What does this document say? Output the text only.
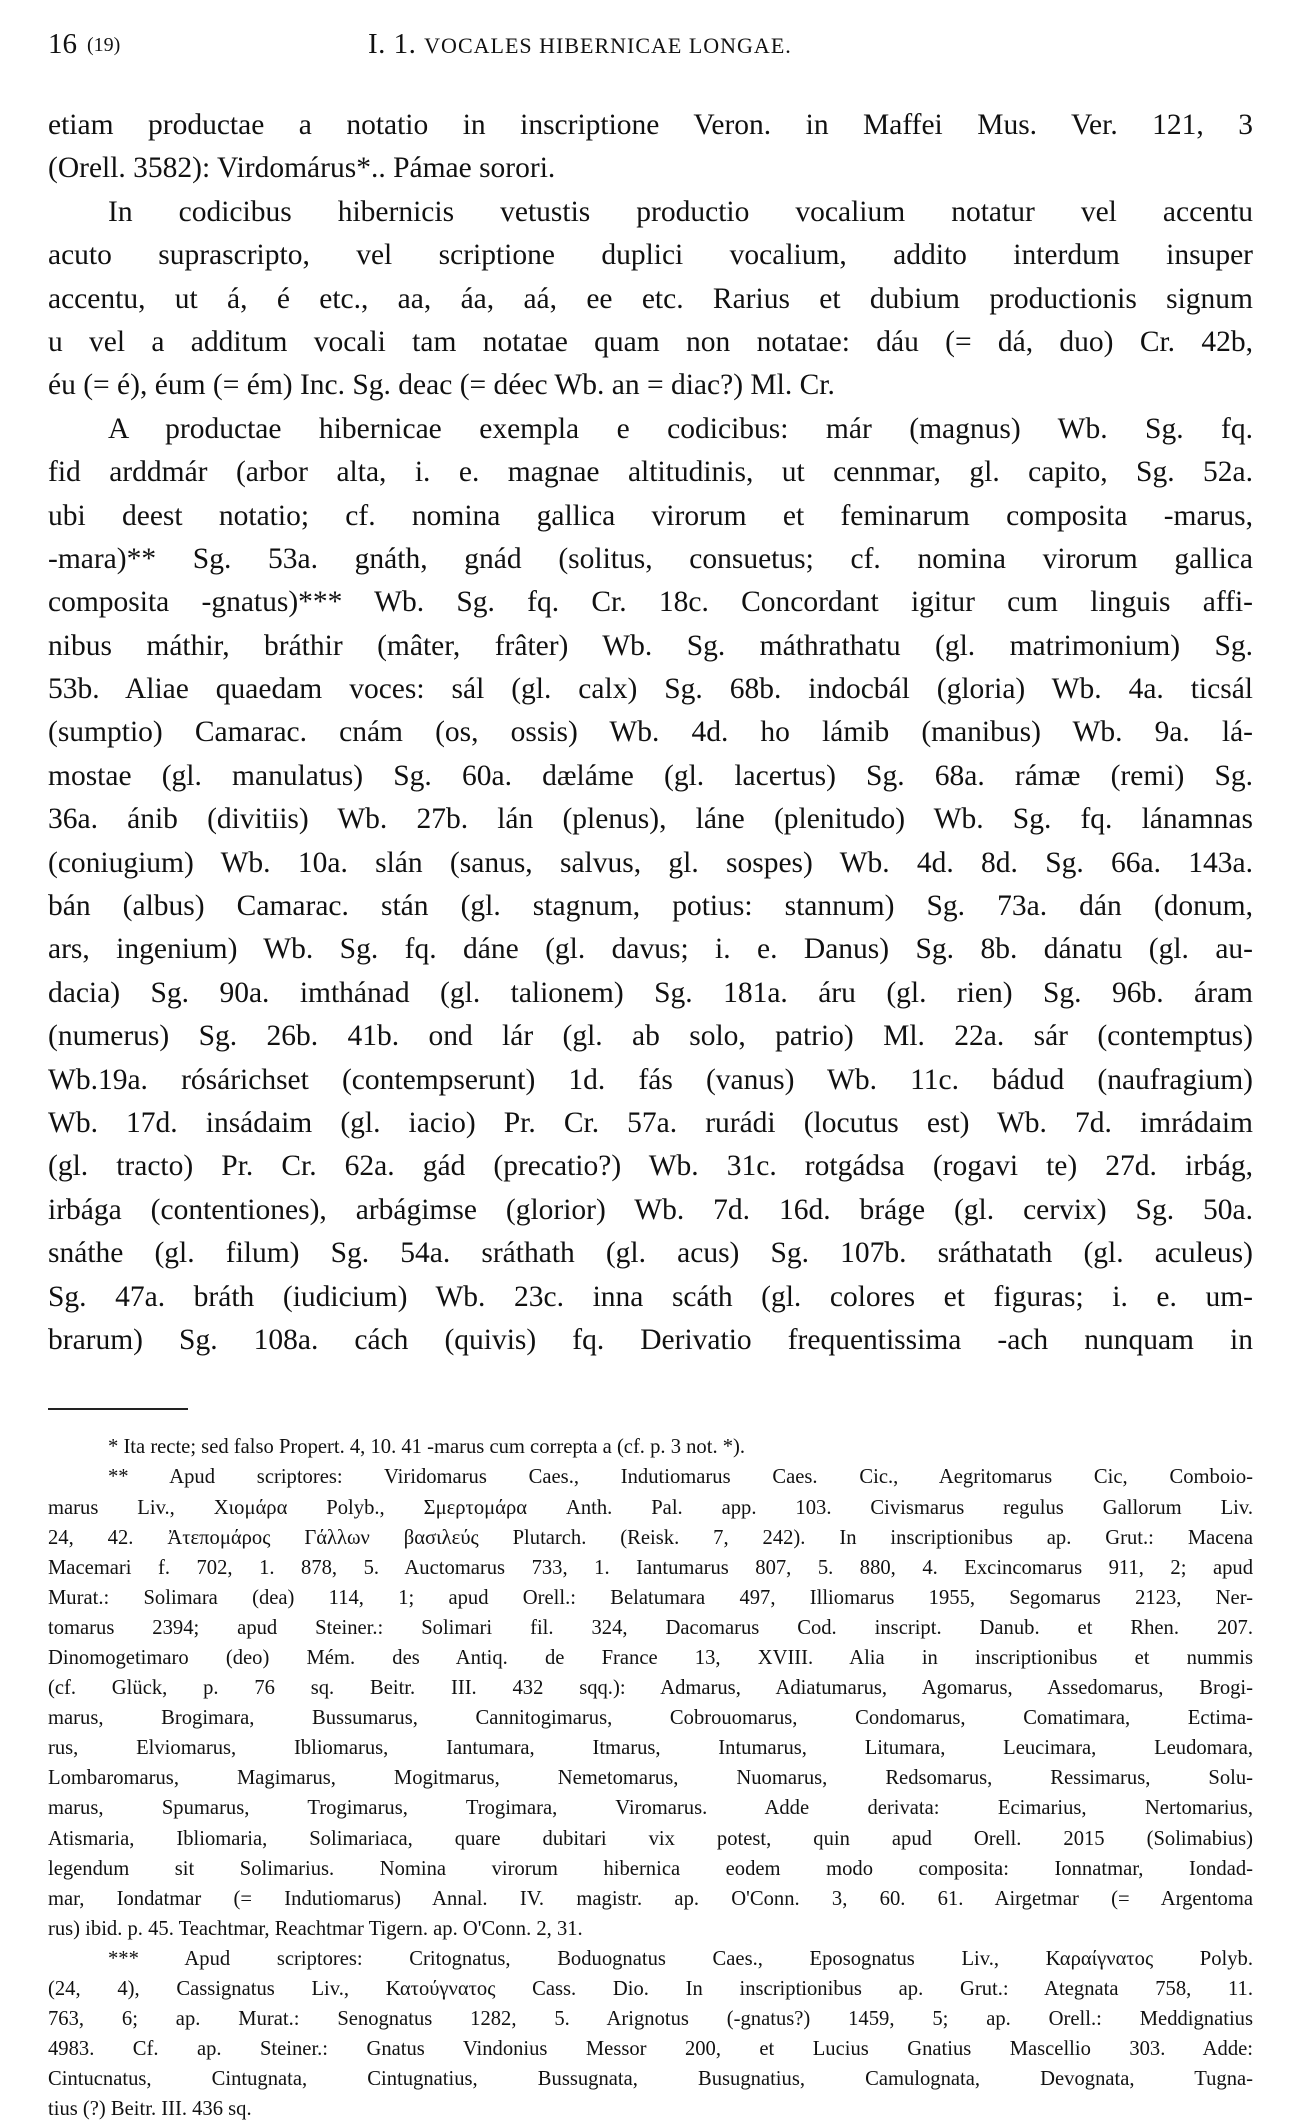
16 (19)	I. 1. VOCALES HIBERNICAE LONGAE.
etiam productae a notatio in inscriptione Veron. in Maffei Mus. Ver. 121, 3
(Orell. 3582): Virdomárus*.. Pámae sorori.
In codicibus hibernicis vetustis productio vocalium notatur vel accentu
acuto suprascripto, vel scriptione duplici vocalium, addito interdum insuper
accentu, ut á, é etc., aa, áa, aá, ee etc. Rarius et dubium productionis signum
u vel a additum vocali tam notatae quam non notatae: dáu (= dá, duo) Cr. 42b,
éu (= é), éum (= ém) Inc. Sg. deac (= déec Wb. an = diac?) Ml. Cr.
A productae hibernicae exempla e codicibus: már (magnus) Wb. Sg. fq.
fid arddmár (arbor alta, i. e. magnae altitudinis, ut cennmar, gl. capito, Sg. 52a.
ubi deest notatio; cf. nomina gallica virorum et feminarum composita -marus,
-mara)** Sg. 53a. gnáth, gnád (solitus, consuetus; cf. nomina virorum gallica
composita -gnatus)*** Wb. Sg. fq. Cr. 18c. Concordant igitur cum linguis affi-
nibus máthir, bráthir (mâter, frâter) Wb. Sg. máthrathatu (gl. matrimonium) Sg.
53b. Aliae quaedam voces: sál (gl. calx) Sg. 68b. indocbál (gloria) Wb. 4a. ticsál
(sumptio) Camarac. cnám (os, ossis) Wb. 4d. ho lámib (manibus) Wb. 9a. lá-
mostae (gl. manulatus) Sg. 60a. dæláme (gl. lacertus) Sg. 68a. rámæ (remi) Sg.
36a. ánib (divitiis) Wb. 27b. lán (plenus), láne (plenitudo) Wb. Sg. fq. lánamnas
(coniugium) Wb. 10a. slán (sanus, salvus, gl. sospes) Wb. 4d. 8d. Sg. 66a. 143a.
bán (albus) Camarac. stán (gl. stagnum, potius: stannum) Sg. 73a. dán (donum,
ars, ingenium) Wb. Sg. fq. dáne (gl. davus; i. e. Danus) Sg. 8b. dánatu (gl. au-
dacia) Sg. 90a. imthánad (gl. talionem) Sg. 181a. áru (gl. rien) Sg. 96b. áram
(numerus) Sg. 26b. 41b. ond lár (gl. ab solo, patrio) Ml. 22a. sár (contemptus)
Wb.19a. rósárichset (contempserunt) 1d. fás (vanus) Wb. 11c. bádud (naufragium)
Wb. 17d. insádaim (gl. iacio) Pr. Cr. 57a. rurádi (locutus est) Wb. 7d. imrádaim
(gl. tracto) Pr. Cr. 62a. gád (precatio?) Wb. 31c. rotgádsa (rogavi te) 27d. irbág,
irbága (contentiones), arbágimse (glorior) Wb. 7d. 16d. bráge (gl. cervix) Sg. 50a.
snáthe (gl. filum) Sg. 54a. sráthath (gl. acus) Sg. 107b. sráthatath (gl. aculeus)
Sg. 47a. bráth (iudicium) Wb. 23c. inna scáth (gl. colores et figuras; i. e. um-
brarum) Sg. 108a. cách (quivis) fq. Derivatio frequentissima -ach nunquam in
* Ita recte; sed falso Propert. 4, 10. 41 -marus cum correpta a (cf. p. 3 not. *).
** Apud scriptores: Viridomarus Caes., Indutiomarus Caes. Cic., Aegritomarus Cic, Comboio-
marus Liv., Χιομάρα Polyb., Σμερτομάρα Anth. Pal. app. 103. Civismarus regulus Gallorum Liv.
24, 42. Ἀτεπομάρος Γάλλων βασιλεύς Plutarch. (Reisk. 7, 242). In inscriptionibus ap. Grut.: Macena
Macemari f. 702, 1. 878, 5. Auctomarus 733, 1. Iantumarus 807, 5. 880, 4. Excincomarus 911, 2; apud
Murat.: Solimara (dea) 114, 1; apud Orell.: Belatumara 497, Illiomarus 1955, Segomarus 2123, Ner-
tomarus 2394; apud Steiner.: Solimari fil. 324, Dacomarus Cod. inscript. Danub. et Rhen. 207.
Dinomogetimaro (deo) Mém. des Antiq. de France 13, XVIII. Alia in inscriptionibus et nummis
(cf. Glück, p. 76 sq. Beitr. III. 432 sqq.): Admarus, Adiatumarus, Agomarus, Assedomarus, Brogi-
marus, Brogimara, Bussumarus, Cannitogimarus, Cobrouomarus, Condomarus, Comatimara, Ectima-
rus, Elviomarus, Ibliomarus, Iantumara, Itmarus, Intumarus, Litumara, Leucimara, Leudomara,
Lombaromarus, Magimarus, Mogitmarus, Nemetomarus, Nuomarus, Redsomarus, Ressimarus, Solu-
marus, Spumarus, Trogimarus, Trogimara, Viromarus. Adde derivata: Ecimarius, Nertomarius,
Atismaria, Ibliomaria, Solimariaca, quare dubitari vix potest, quin apud Orell. 2015 (Solimabius)
legendum sit Solimarius. Nomina virorum hibernica eodem modo composita: Ionnatmar, Iondad-
mar, Iondatmar (= Indutiomarus) Annal. IV. magistr. ap. O'Conn. 3, 60. 61. Airgetmar (= Argentoma
rus) ibid. p. 45. Teachtmar, Reachtmar Tigern. ap. O'Conn. 2, 31.
*** Apud scriptores: Critognatus, Boduognatus Caes., Eposognatus Liv., Καραίγνατος Polyb.
(24, 4), Cassignatus Liv., Κατούγνατος Cass. Dio. In inscriptionibus ap. Grut.: Ategnata 758, 11.
763, 6; ap. Murat.: Senognatus 1282, 5. Arignotus (-gnatus?) 1459, 5; ap. Orell.: Meddignatius
4983. Cf. ap. Steiner.: Gnatus Vindonius Messor 200, et Lucius Gnatius Mascellio 303. Adde:
Cintucnatus, Cintugnata, Cintugnatius, Bussugnata, Busugnatius, Camulognata, Devognata, Tugna-
tius (?) Beitr. III. 436 sq.
